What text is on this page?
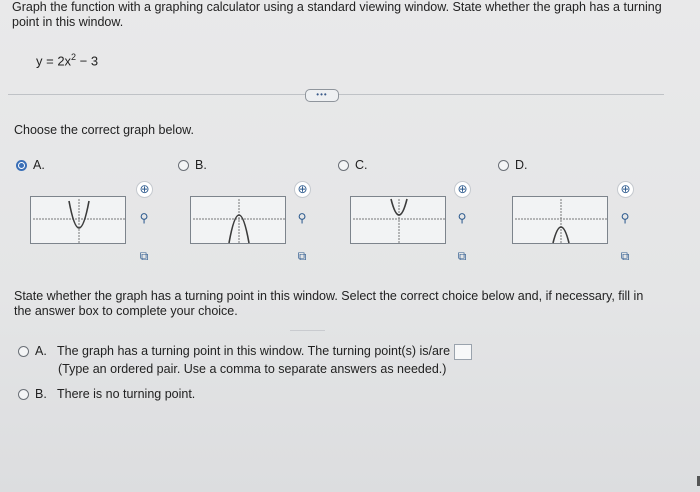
Graph the function with a graphing calculator using a standard viewing window. State whether the graph has a turning point in this window.
$y = 2x^2 - 3$
•••
Choose the correct graph below.
A.
⊕
⚲
⧉
B.
⊕
⚲
⧉
C.
⊕
⚲
⧉
D.
⊕
⚲
⧉
State whether the graph has a turning point in this window. Select the correct choice below and, if necessary, fill in the answer box to complete your choice.
A. The graph has a turning point in this window. The turning point(s) is/are
(Type an ordered pair. Use a comma to separate answers as needed.)
B. There is no turning point.
